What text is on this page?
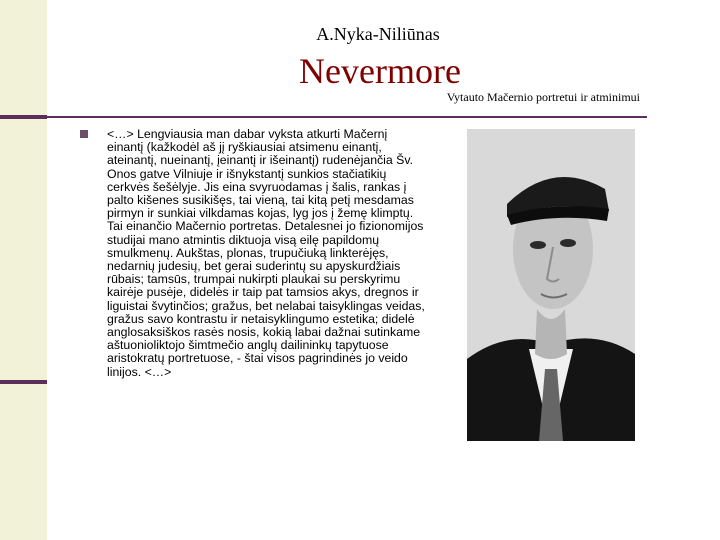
A.Nyka-Niliūnas
Nevermore
Vytauto Mačernio portretui ir atminimui

<…> Lengviausia man dabar vyksta atkurti Mačernį einantį (kažkodėl aš jį ryškiausiai atsimenu einantį, ateinantį, nueinantį, įeinantį ir išeinantį) rudenėjančia Šv. Onos gatve Vilniuje ir išnykstantį sunkios stačiatikių cerkvės šešėlyje. Jis eina svyruodamas į šalis, rankas į palto kišenes susikišęs, tai vieną, tai kitą petį mesdamas pirmyn ir sunkiai vilkdamas kojas, lyg jos į žemę klimptų. Tai einančio Mačernio portretas. Detalesnei jo fizionomijos studijai mano atmintis diktuoja visą eilę papildomų smulkmenų. Aukštas, plonas, trupučiuką linkterėjęs, nedarnių judesių, bet gerai suderintų su apyskurdžiais rūbais; tamsūs, trumpai nukirpti plaukai su perskyrimu kairėje pusėje, didelės ir taip pat tamsios akys, dregnos ir liguistai švytinčios; gražus, bet nelabai taisyklingas veidas, gražus savo kontrastu ir netaisyklingumo estetika; didelė anglosaksiškos rasės nosis, kokią labai dažnai sutinkame aštuonioliktojo šimtmečio anglų dailininkų tapytuose aristokratų portretuose, - štai visos pagrindinės jo veido linijos. <…>
